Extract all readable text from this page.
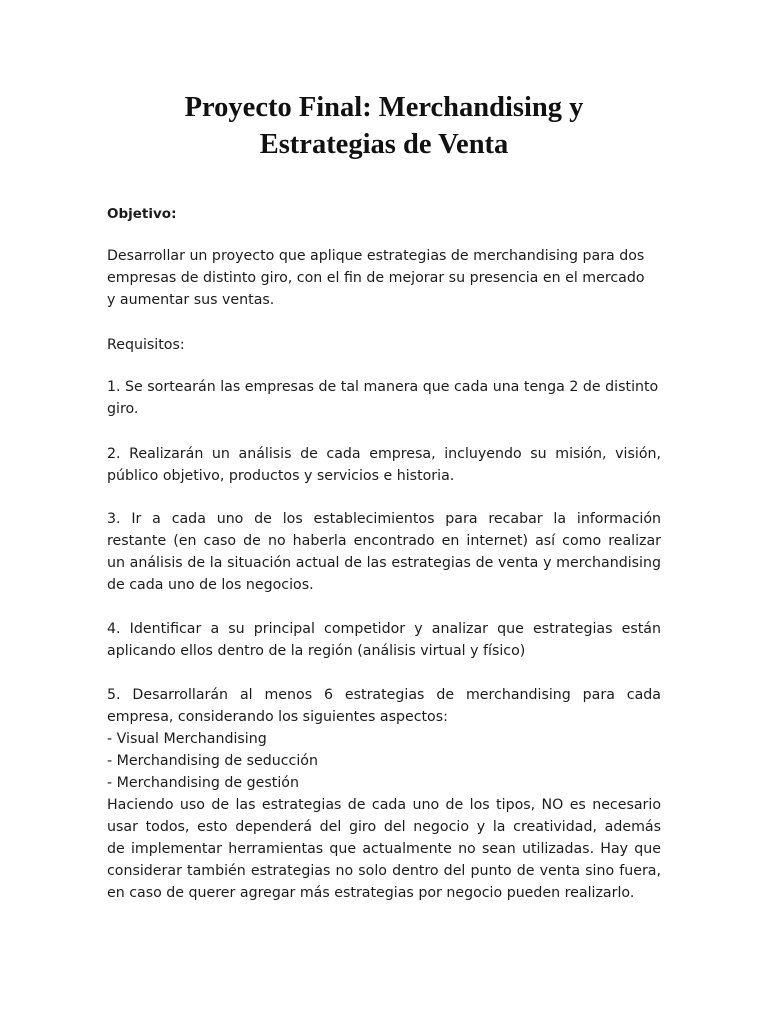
Proyecto Final: Merchandising y
Estrategias de Venta

Objetivo:

Desarrollar un proyecto que aplique estrategias de merchandising para dos
empresas de distinto giro, con el fin de mejorar su presencia en el mercado
y aumentar sus ventas.

Requisitos:

1. Se sortearán las empresas de tal manera que cada una tenga 2 de distinto
giro.
2. Realizarán un análisis de cada empresa, incluyendo su misión, visión,
público objetivo, productos y servicios e historia.
3. Ir a cada uno de los establecimientos para recabar la información
restante (en caso de no haberla encontrado en internet) así como realizar
un análisis de la situación actual de las estrategias de venta y merchandising
de cada uno de los negocios.
4. Identificar a su principal competidor y analizar que estrategias están
aplicando ellos dentro de la región (análisis virtual y físico)
5. Desarrollarán al menos 6 estrategias de merchandising para cada
empresa, considerando los siguientes aspectos:
- Visual Merchandising
- Merchandising de seducción
- Merchandising de gestión
Haciendo uso de las estrategias de cada uno de los tipos, NO es necesario
usar todos, esto dependerá del giro del negocio y la creatividad, además
de implementar herramientas que actualmente no sean utilizadas. Hay que
considerar también estrategias no solo dentro del punto de venta sino fuera,
en caso de querer agregar más estrategias por negocio pueden realizarlo.
